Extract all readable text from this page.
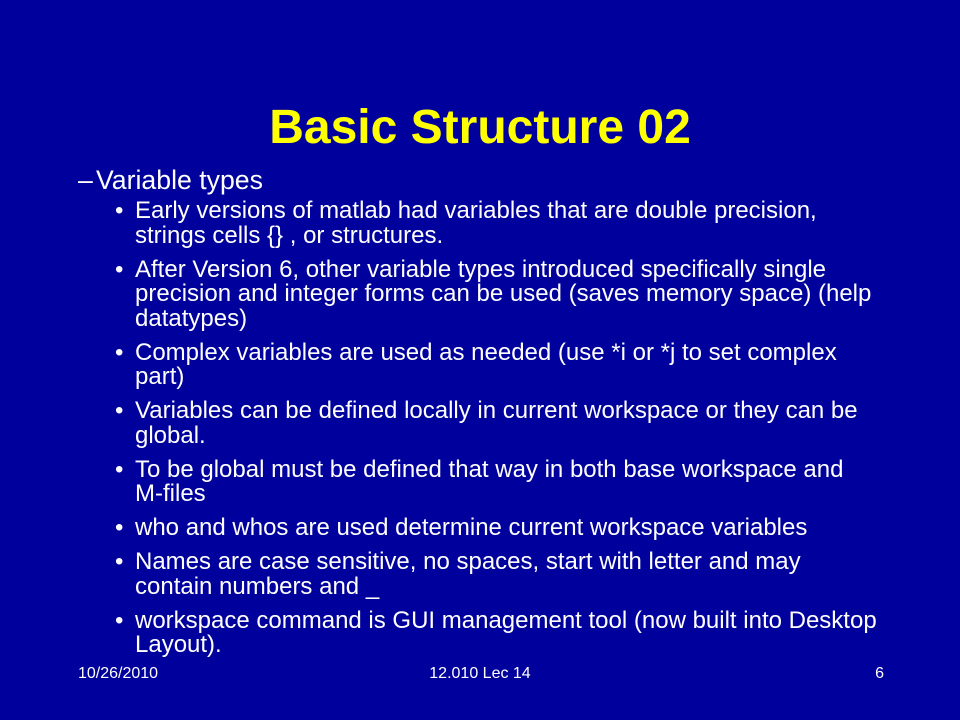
Basic Structure 02
– Variable types
• Early versions of matlab had variables that are double precision,
strings cells {} , or structures.
• After Version 6, other variable types introduced specifically single
precision and integer forms can be used (saves memory space) (help
datatypes)
• Complex variables are used as needed (use *i or *j to set complex
part)
• Variables can be defined locally in current workspace or they can be
global.
• To be global must be defined that way in both base workspace and
M-files
• who and whos are used determine current workspace variables
• Names are case sensitive, no spaces, start with letter and may
contain numbers and _
• workspace command is GUI management tool (now built into Desktop
Layout).
10/26/2010	12.010 Lec 14	6
